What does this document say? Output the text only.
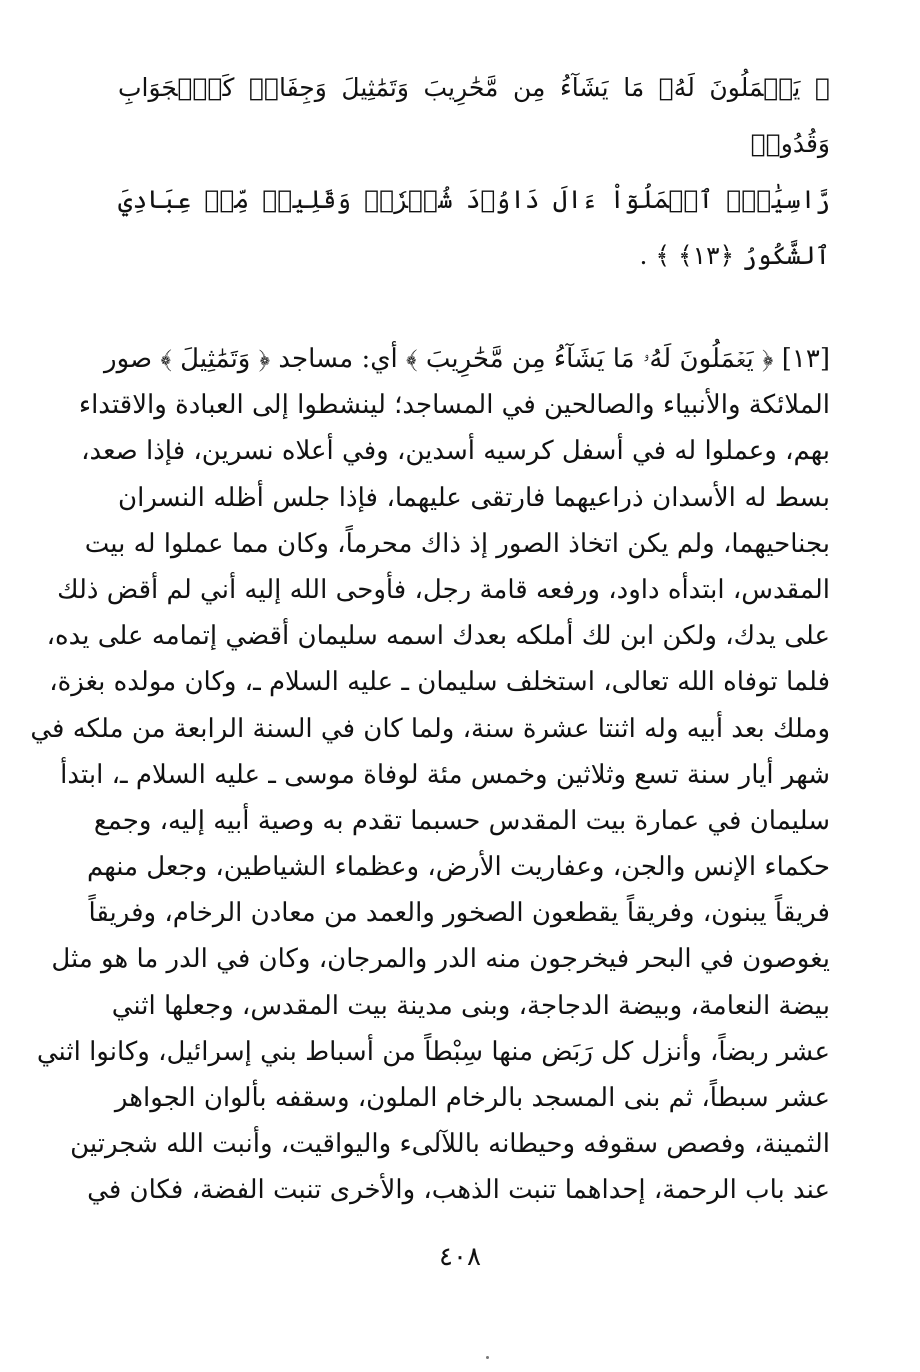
﴿ يَعۡمَلُونَ لَهُۥ مَا يَشَآءُ مِن مَّحَٰرِيبَ وَتَمَٰثِيلَ وَجِفَانٖ كَٱلۡجَوَابِ وَقُدُورٖ

رَّاسِيَٰتٍۚ ٱعۡمَلُوٓاْ ءَالَ دَاوُۥدَ شُكۡرٗاۚ وَقَلِيلٞ مِّنۡ عِبَادِيَ ٱلشَّكُورُ ﴿١٣﴾ ﴾ .

[١٣] ﴿ يَعۡمَلُونَ لَهُۥ مَا يَشَآءُ مِن مَّحَٰرِيبَ ﴾ أي: مساجد ﴿ وَتَمَٰثِيلَ ﴾ صور

الملائكة والأنبياء والصالحين في المساجد؛ لينشطوا إلى العبادة والاقتداء

بهم، وعملوا له في أسفل كرسيه أسدين، وفي أعلاه نسرين، فإذا صعد،

بسط له الأسدان ذراعيهما فارتقى عليهما، فإذا جلس أظله النسران

بجناحيهما، ولم يكن اتخاذ الصور إذ ذاك محرماً، وكان مما عملوا له بيت

المقدس، ابتدأه داود، ورفعه قامة رجل، فأوحى الله إليه أني لم أقض ذلك

على يدك، ولكن ابن لك أملكه بعدك اسمه سليمان أقضي إتمامه على يده،

فلما توفاه الله تعالى، استخلف سليمان ـ عليه السلام ـ، وكان مولده بغزة،

وملك بعد أبيه وله اثنتا عشرة سنة، ولما كان في السنة الرابعة من ملكه في

شهر أيار سنة تسع وثلاثين وخمس مئة لوفاة موسى ـ عليه السلام ـ، ابتدأ

سليمان في عمارة بيت المقدس حسبما تقدم به وصية أبيه إليه، وجمع

حكماء الإنس والجن، وعفاريت الأرض، وعظماء الشياطين، وجعل منهم

فريقاً يبنون، وفريقاً يقطعون الصخور والعمد من معادن الرخام، وفريقاً

يغوصون في البحر فيخرجون منه الدر والمرجان، وكان في الدر ما هو مثل

بيضة النعامة، وبيضة الدجاجة، وبنى مدينة بيت المقدس، وجعلها اثني

عشر ربضاً، وأنزل كل رَبَض منها سِبْطاً من أسباط بني إسرائيل، وكانوا اثني

عشر سبطاً، ثم بنى المسجد بالرخام الملون، وسقفه بألوان الجواهر

الثمينة، وفصص سقوفه وحيطانه باللآلىء واليواقيت، وأنبت الله شجرتين

عند باب الرحمة، إحداهما تنبت الذهب، والأخرى تنبت الفضة، فكان في

٤٠٨
